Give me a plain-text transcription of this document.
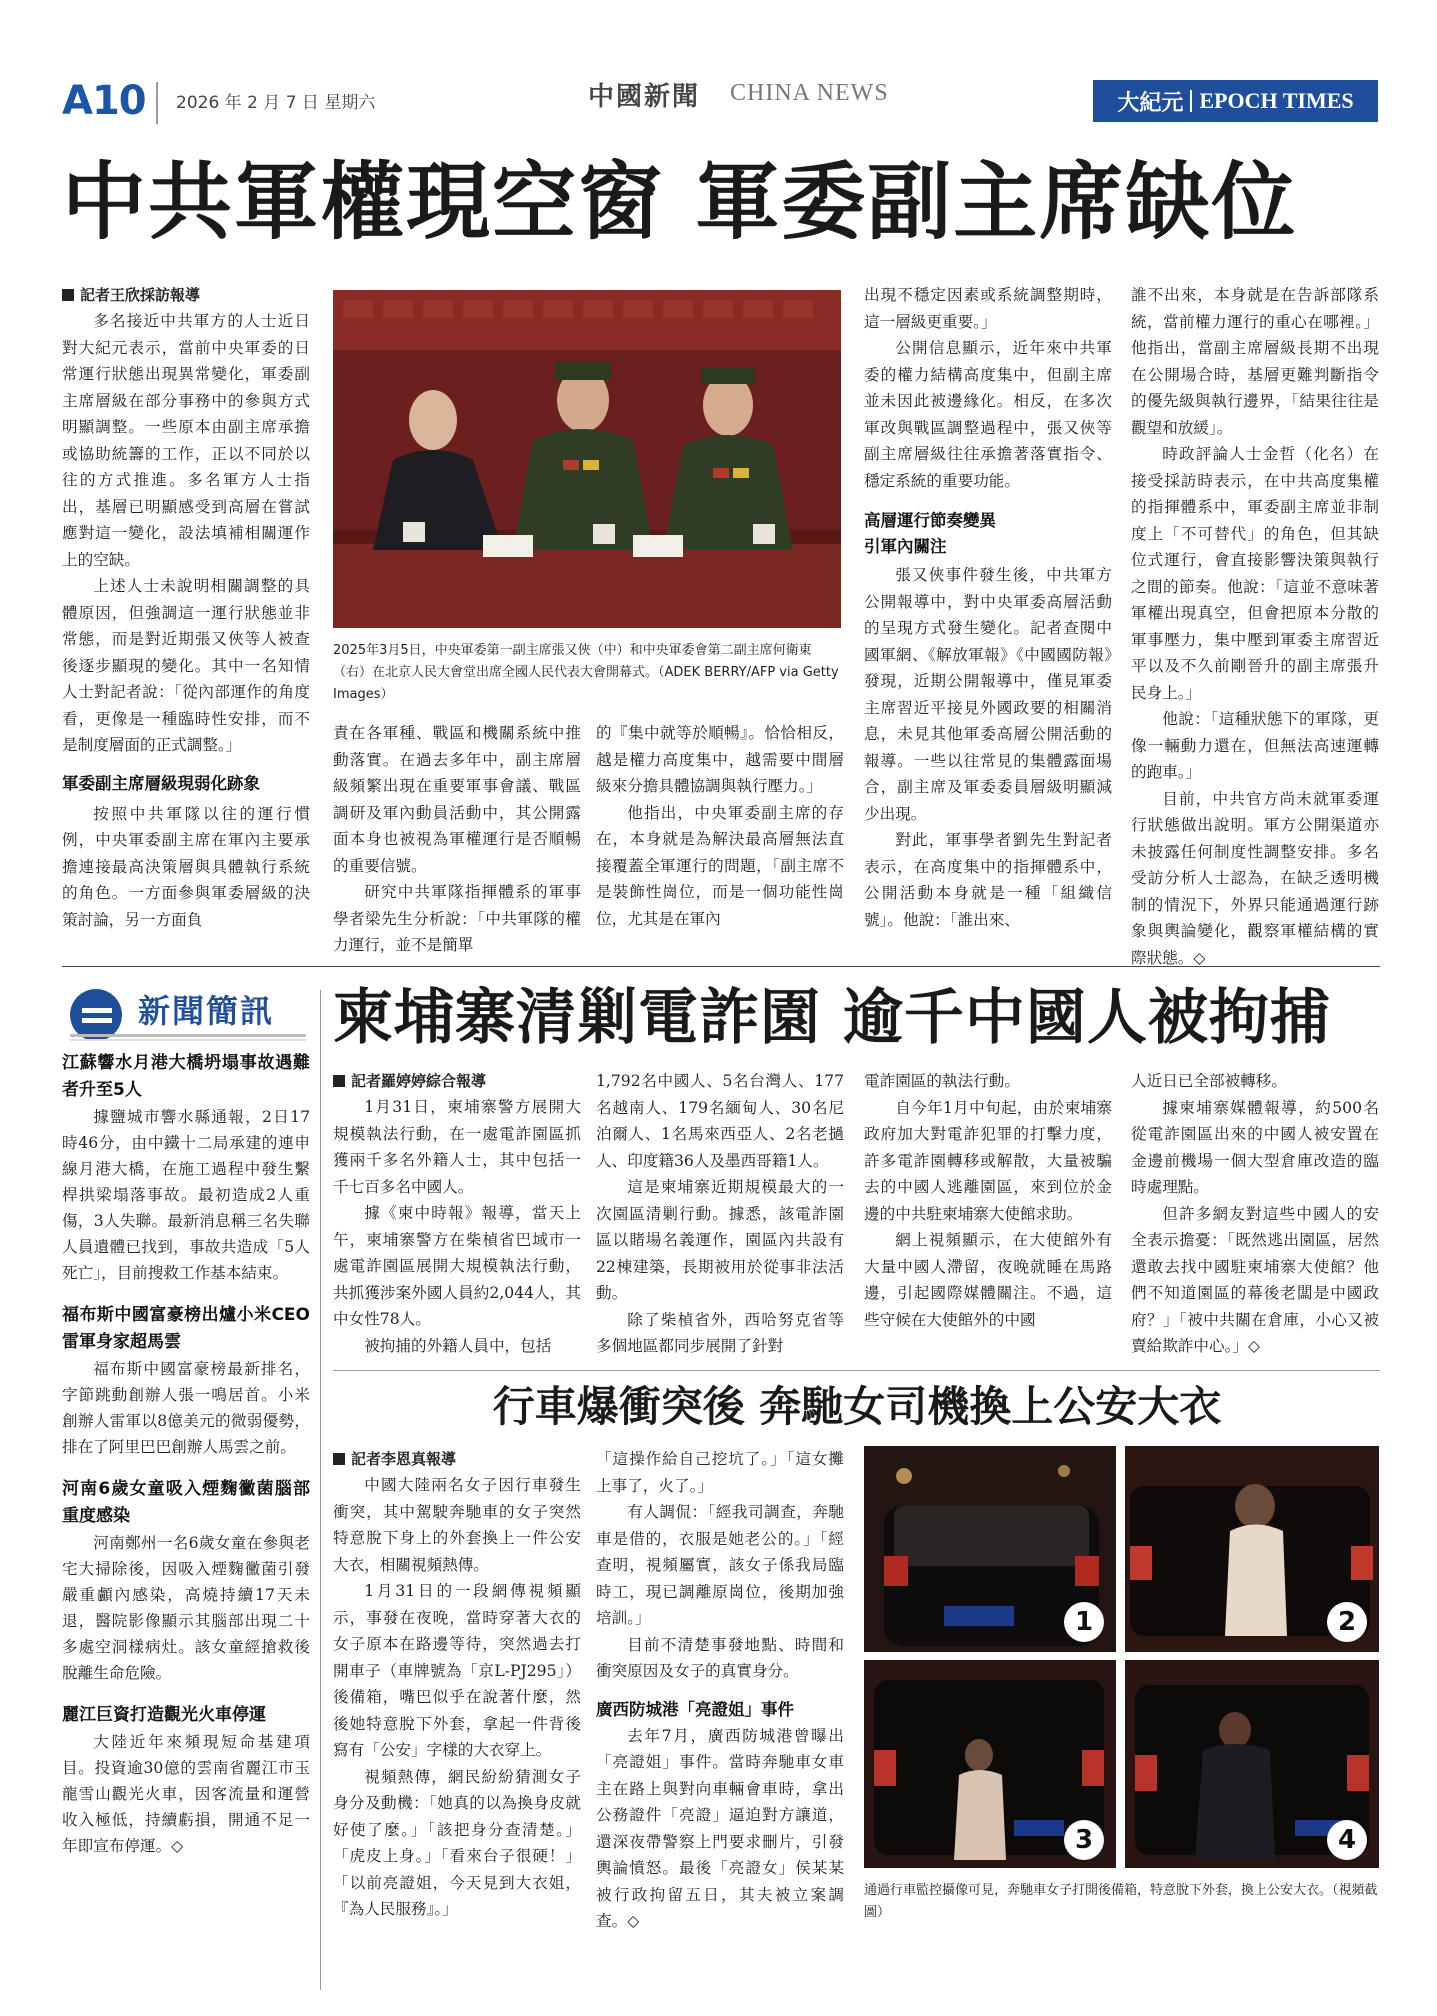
A10 2026 年 2 月 7 日 星期六	中國新聞 CHINA NEWS	大紀元 EPOCH TIMES
中共軍權現空窗 軍委副主席缺位
記者王欣採訪報導

多名接近中共軍方的人士近日對大紀元表示，當前中央軍委的日常運行狀態出現異常變化，軍委副主席層級在部分事務中的參與方式明顯調整。一些原本由副主席承擔或協助統籌的工作，正以不同於以往的方式推進。多名軍方人士指出，基層已明顯感受到高層在嘗試應對這一變化，設法填補相關運作上的空缺。

上述人士未說明相關調整的具體原因，但強調這一運行狀態並非常態，而是對近期張又俠等人被查後逐步顯現的變化。其中一名知情人士對記者說：「從內部運作的角度看，更像是一種臨時性安排，而不是制度層面的正式調整。」

軍委副主席層級現弱化跡象

按照中共軍隊以往的運行慣例，中央軍委副主席在軍內主要承擔連接最高決策層與具體執行系統的角色。一方面參與軍委層級的決策討論，另一方面負

2025年3月5日，中央軍委第一副主席張又俠（中）和中央軍委會第二副主席何衛東（右）在北京人民大會堂出席全國人民代表大會開幕式。（ADEK BERRY/AFP via Getty Images）

責在各軍種、戰區和機關系統中推動落實。在過去多年中，副主席層級頻繁出現在重要軍事會議、戰區調研及軍內動員活動中，其公開露面本身也被視為軍權運行是否順暢的重要信號。

研究中共軍隊指揮體系的軍事學者梁先生分析說：「中共軍隊的權力運行，並不是簡單

的『集中就等於順暢』。恰恰相反，越是權力高度集中，越需要中間層級來分擔具體協調與執行壓力。」

他指出，中央軍委副主席的存在，本身就是為解決最高層無法直接覆蓋全軍運行的問題，「副主席不是裝飾性崗位，而是一個功能性崗位，尤其是在軍內

出現不穩定因素或系統調整期時，這一層級更重要。」

公開信息顯示，近年來中共軍委的權力結構高度集中，但副主席並未因此被邊緣化。相反，在多次軍改與戰區調整過程中，張又俠等副主席層級往往承擔著落實指令、穩定系統的重要功能。

高層運行節奏變異
引軍內關注

張又俠事件發生後，中共軍方公開報導中，對中央軍委高層活動的呈現方式發生變化。記者查閱中國軍網、《解放軍報》《中國國防報》發現，近期公開報導中，僅見軍委主席習近平接見外國政要的相關消息，未見其他軍委高層公開活動的報導。一些以往常見的集體露面場合，副主席及軍委委員層級明顯減少出現。

對此，軍事學者劉先生對記者表示，在高度集中的指揮體系中，公開活動本身就是一種「組織信號」。他說：「誰出來、

誰不出來，本身就是在告訴部隊系統，當前權力運行的重心在哪裡。」他指出，當副主席層級長期不出現在公開場合時，基層更難判斷指令的優先級與執行邊界，「結果往往是觀望和放緩」。

時政評論人士金哲（化名）在接受採訪時表示，在中共高度集權的指揮體系中，軍委副主席並非制度上「不可替代」的角色，但其缺位式運行，會直接影響決策與執行之間的節奏。他說：「這並不意味著軍權出現真空，但會把原本分散的軍事壓力，集中壓到軍委主席習近平以及不久前剛晉升的副主席張升民身上。」

他說：「這種狀態下的軍隊，更像一輛動力還在，但無法高速運轉的跑車。」

目前，中共官方尚未就軍委運行狀態做出說明。軍方公開渠道亦未披露任何制度性調整安排。多名受訪分析人士認為，在缺乏透明機制的情況下，外界只能通過運行跡象與輿論變化，觀察軍權結構的實際狀態。◇

新聞簡訊
江蘇響水月港大橋坍塌事故遇難者升至5人

據鹽城市響水縣通報，2日17時46分，由中鐵十二局承建的連申線月港大橋，在施工過程中發生繫桿拱梁塌落事故。最初造成2人重傷，3人失聯。最新消息稱三名失聯人員遺體已找到，事故共造成「5人死亡」，目前搜救工作基本結束。

福布斯中國富豪榜出爐小米CEO雷軍身家超馬雲

福布斯中國富豪榜最新排名，字節跳動創辦人張一鳴居首。小米創辦人雷軍以8億美元的微弱優勢，排在了阿里巴巴創辦人馬雲之前。

河南6歲女童吸入煙麴黴菌腦部重度感染

河南鄭州一名6歲女童在參與老宅大掃除後，因吸入煙麴黴菌引發嚴重顱內感染，高燒持續17天未退，醫院影像顯示其腦部出現二十多處空洞樣病灶。該女童經搶救後脫離生命危險。

麗江巨資打造觀光火車停運

大陸近年來頻現短命基建項目。投資逾30億的雲南省麗江市玉龍雪山觀光火車，因客流量和運營收入極低，持續虧損，開通不足一年即宣布停運。◇

柬埔寨清剿電詐園 逾千中國人被拘捕
記者羅婷婷綜合報導

1月31日，柬埔寨警方展開大規模執法行動，在一處電詐園區抓獲兩千多名外籍人士，其中包括一千七百多名中國人。

據《柬中時報》報導，當天上午，柬埔寨警方在柴楨省巴域市一處電詐園區展開大規模執法行動，共抓獲涉案外國人員約2,044人，其中女性78人。

被拘捕的外籍人員中，包括

1,792名中國人、5名台灣人、177名越南人、179名緬甸人、30名尼泊爾人、1名馬來西亞人、2名老撾人、印度籍36人及墨西哥籍1人。

這是柬埔寨近期規模最大的一次園區清剿行動。據悉，該電詐園區以賭場名義運作，園區內共設有22棟建築，長期被用於從事非法活動。

除了柴楨省外，西哈努克省等多個地區都同步展開了針對

電詐園區的執法行動。

自今年1月中旬起，由於柬埔寨政府加大對電詐犯罪的打擊力度，許多電詐園轉移或解散，大量被騙去的中國人逃離園區，來到位於金邊的中共駐柬埔寨大使館求助。

網上視頻顯示，在大使館外有大量中國人滯留，夜晚就睡在馬路邊，引起國際媒體關注。不過，這些守候在大使館外的中國

人近日已全部被轉移。

據柬埔寨媒體報導，約500名從電詐園區出來的中國人被安置在金邊前機場一個大型倉庫改造的臨時處理點。

但許多網友對這些中國人的安全表示擔憂：「既然逃出園區，居然還敢去找中國駐柬埔寨大使館？他們不知道園區的幕後老闆是中國政府？」「被中共關在倉庫，小心又被賣給欺詐中心。」◇

行車爆衝突後 奔馳女司機換上公安大衣
記者李恩真報導

中國大陸兩名女子因行車發生衝突，其中駕駛奔馳車的女子突然特意脫下身上的外套換上一件公安大衣，相關視頻熱傳。

1月31日的一段網傳視頻顯示，事發在夜晚，當時穿著大衣的女子原本在路邊等待，突然過去打開車子（車牌號為「京L-PJ295」）後備箱，嘴巴似乎在說著什麼，然後她特意脫下外套，拿起一件背後寫有「公安」字樣的大衣穿上。

視頻熱傳，網民紛紛猜測女子身分及動機：「她真的以為換身皮就好使了麼。」「該把身分查清楚。」「虎皮上身。」「看來台子很硬！」「以前亮證姐，今天見到大衣姐，『為人民服務』。」

「這操作給自己挖坑了。」「這女攤上事了，火了。」

有人調侃：「經我司調查，奔馳車是借的，衣服是她老公的。」「經查明，視頻屬實，該女子係我局臨時工，現已調離原崗位，後期加強培訓。」

目前不清楚事發地點、時間和衝突原因及女子的真實身分。

廣西防城港「亮證姐」事件

去年7月，廣西防城港曾曝出「亮證姐」事件。當時奔馳車女車主在路上與對向車輛會車時，拿出公務證件「亮證」逼迫對方讓道，還深夜帶警察上門要求刪片，引發輿論憤怒。最後「亮證女」侯某某被行政拘留五日，其夫被立案調查。◇

1	2
3	4
通過行車監控攝像可見，奔馳車女子打開後備箱，特意脫下外套，換上公安大衣。（視頻截圖）
